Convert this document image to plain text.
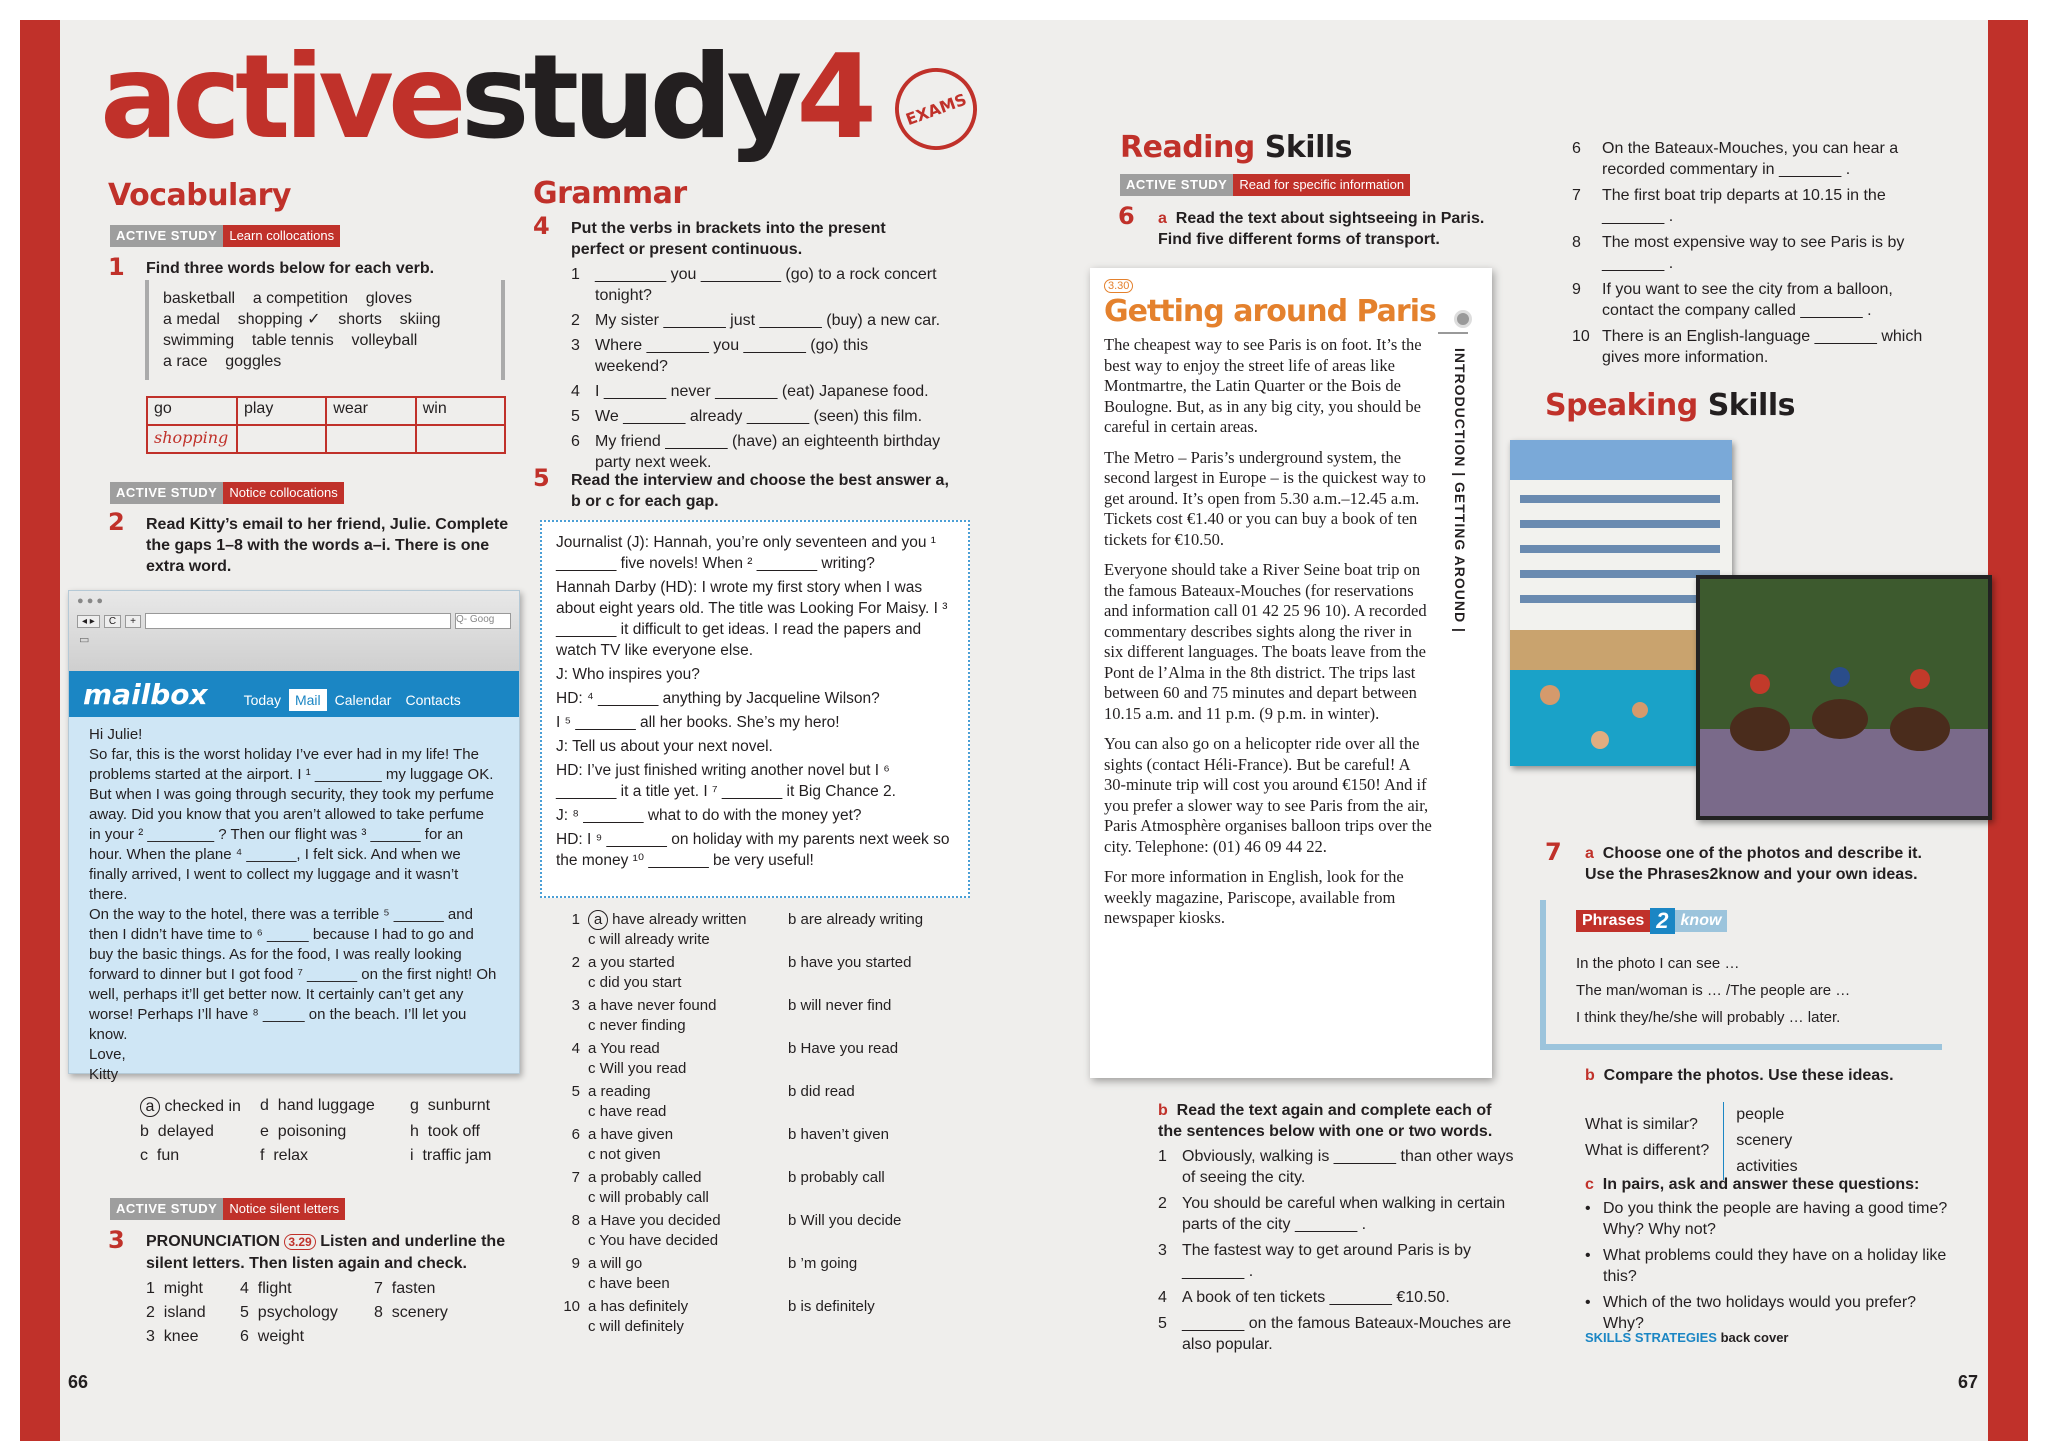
activestudy4 EXAMS
Vocabulary
ACTIVE STUDY Learn collocations
1 Find three words below for each verb.
basketball    a competition    gloves
a medal    shopping ✓    shorts    skiing
swimming    table tennis    volleyball
a race    goggles
go	play	wear	win
shopping			
ACTIVE STUDY Notice collocations
2 Read Kitty’s email to her friend, Julie. Complete the gaps 1–8 with the words a–i. There is one extra word.
● ● ●
◂ ▸	C	+	Q- Goog
▭
mailbox	Today	Mail	Calendar	Contacts
Hi Julie!
So far, this is the worst holiday I’ve ever had in my life! The problems started at the airport. I ¹ ________ my luggage OK. But when I was going through security, they took my perfume away. Did you know that you aren’t allowed to take perfume in your ² ________ ? Then our flight was ³ ______ for an hour. When the plane ⁴ ______, I felt sick. And when we finally arrived, I went to collect my luggage and it wasn’t there.
On the way to the hotel, there was a terrible ⁵ ______ and then I didn’t have time to ⁶ _____ because I had to go and buy the basic things. As for the food, I was really looking forward to dinner but I got food ⁷ ______ on the first night! Oh well, perhaps it’ll get better now. It certainly can’t get any worse! Perhaps I’ll have ⁸ _____ on the beach. I’ll let you know.
Love,
Kitty
a checked in	d hand luggage	g sunburnt
b delayed	e poisoning	h took off
c fun	f relax	i traffic jam
ACTIVE STUDY Notice silent letters
3 PRONUNCIATION 3.29 Listen and underline the silent letters. Then listen again and check.
1 might	4 flight	7 fasten
2 island	5 psychology	8 scenery
3 knee	6 weight
66	67
Grammar
4 Put the verbs in brackets into the present perfect or present continuous.
1 ________ you _________ (go) to a rock concert tonight?
2 My sister _______ just _______ (buy) a new car.
3 Where _______ you _______ (go) this weekend?
4 I _______ never _______ (eat) Japanese food.
5 We _______ already _______ (seen) this film.
6 My friend _______ (have) an eighteenth birthday party next week.
5 Read the interview and choose the best answer a, b or c for each gap.
Journalist (J): Hannah, you’re only seventeen and you ¹ _______ five novels! When ² _______ writing?
Hannah Darby (HD): I wrote my first story when I was about eight years old. The title was Looking For Maisy. I ³ _______ it difficult to get ideas. I read the papers and watch TV like everyone else.
J: Who inspires you?
HD: ⁴ _______ anything by Jacqueline Wilson?
I ⁵ _______ all her books. She’s my hero!
J: Tell us about your next novel.
HD: I’ve just finished writing another novel but I ⁶ _______ it a title yet. I ⁷ _______ it Big Chance 2.
J: ⁸ _______ what to do with the money yet?
HD: I ⁹ _______ on holiday with my parents next week so the money ¹⁰ _______ be very useful!
1 a have already written	b are already writing
c will already write
2 a you started	b have you started
c did you start
3 a have never found	b will never find
c never finding
4 a You read	b Have you read
c Will you read
5 a reading	b did read
c have read
6 a have given	b haven’t given
c not given
7 a probably called	b probably call
c will probably call
8 a Have you decided	b Will you decide
c You have decided
9 a will go	b ’m going
c have been
10 a has definitely	b is definitely
c will definitely
Reading Skills
ACTIVE STUDY Read for specific information
6 a Read the text about sightseeing in Paris. Find five different forms of transport.
3.30
Getting around Paris
INTRODUCTION | GETTING AROUND |

The cheapest way to see Paris is on foot. It’s the best way to enjoy the street life of areas like Montmartre, the Latin Quarter or the Bois de Boulogne. But, as in any big city, you should be careful in certain areas.

The Metro – Paris’s underground system, the second largest in Europe – is the quickest way to get around. It’s open from 5.30 a.m.–12.45 a.m. Tickets cost €1.40 or you can buy a book of ten tickets for €10.50.

Everyone should take a River Seine boat trip on the famous Bateaux-Mouches (for reservations and information call 01 42 25 96 10). A recorded commentary describes sights along the river in six different languages. The boats leave from the Pont de l’Alma in the 8th district. The trips last between 60 and 75 minutes and depart between 10.15 a.m. and 11 p.m. (9 p.m. in winter).

You can also go on a helicopter ride over all the sights (contact Héli-France). But be careful! A 30-minute trip will cost you around €150! And if you prefer a slower way to see Paris from the air, Paris Atmosphère organises balloon trips over the city. Telephone: (01) 46 09 44 22.

For more information in English, look for the weekly magazine, Pariscope, available from newspaper kiosks.

b Read the text again and complete each of the sentences below with one or two words.
1 Obviously, walking is _______ than other ways of seeing the city.
2 You should be careful when walking in certain parts of the city _______ .
3 The fastest way to get around Paris is by _______ .
4 A book of ten tickets _______ €10.50.
5 _______ on the famous Bateaux-Mouches are also popular.
6	On the Bateaux-Mouches, you can hear a recorded commentary in _______ .
7	The first boat trip departs at 10.15 in the _______ .
8	The most expensive way to see Paris is by _______ .
9	If you want to see the city from a balloon, contact the company called _______ .
10 There is an English-language _______ which gives more information.
Speaking Skills
7 a Choose one of the photos and describe it. Use the Phrases2know and your own ideas.
Phrases 2 know
In the photo I can see …
The man/woman is … /The people are …
I think they/he/she will probably … later.
b Compare the photos. Use these ideas.
What is similar?
What is different?
people
scenery
activities
c In pairs, ask and answer these questions:
• Do you think the people are having a good time? Why? Why not?
• What problems could they have on a holiday like this?
• Which of the two holidays would you prefer? Why?
SKILLS STRATEGIES back cover
